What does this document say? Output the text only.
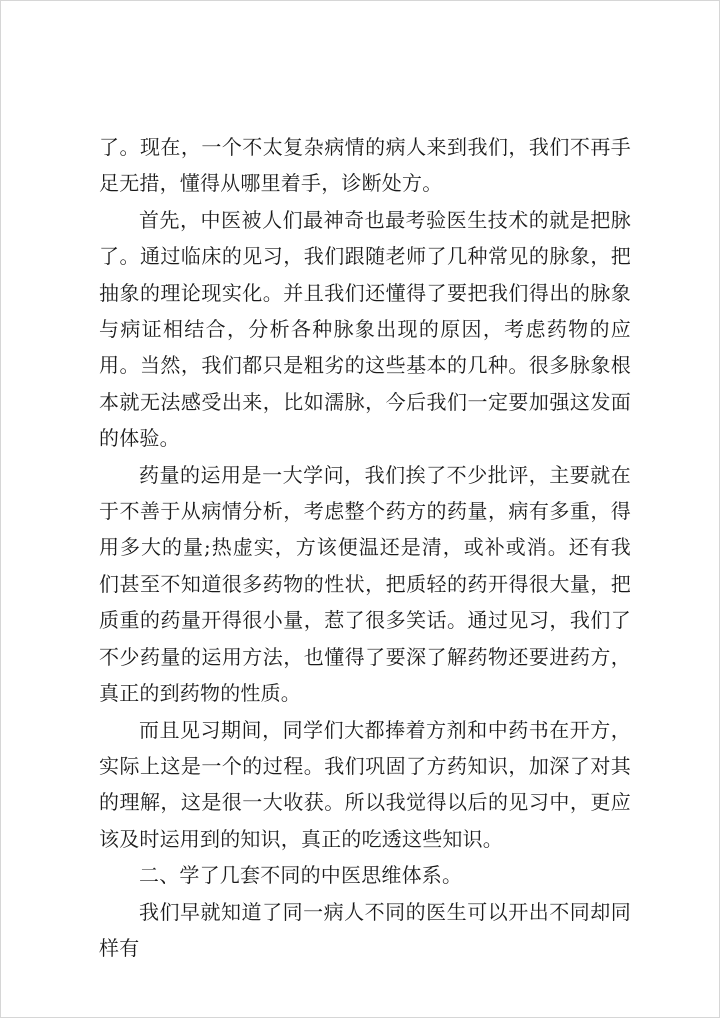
了。现在，一个不太复杂病情的病人来到我们，我们不再手足无措，懂得从哪里着手，诊断处方。

首先，中医被人们最神奇也最考验医生技术的就是把脉了。通过临床的见习，我们跟随老师了几种常见的脉象，把抽象的理论现实化。并且我们还懂得了要把我们得出的脉象与病证相结合，分析各种脉象出现的原因，考虑药物的应用。当然，我们都只是粗劣的这些基本的几种。很多脉象根本就无法感受出来，比如濡脉，今后我们一定要加强这发面的体验。

药量的运用是一大学问，我们挨了不少批评，主要就在于不善于从病情分析，考虑整个药方的药量，病有多重，得用多大的量;热虚实，方该便温还是清，或补或消。还有我们甚至不知道很多药物的性状，把质轻的药开得很大量，把质重的药量开得很小量，惹了很多笑话。通过见习，我们了不少药量的运用方法，也懂得了要深了解药物还要进药方，真正的到药物的性质。

而且见习期间，同学们大都捧着方剂和中药书在开方，实际上这是一个的过程。我们巩固了方药知识，加深了对其的理解，这是很一大收获。所以我觉得以后的见习中，更应该及时运用到的知识，真正的吃透这些知识。

二、学了几套不同的中医思维体系。

我们早就知道了同一病人不同的医生可以开出不同却同样有
